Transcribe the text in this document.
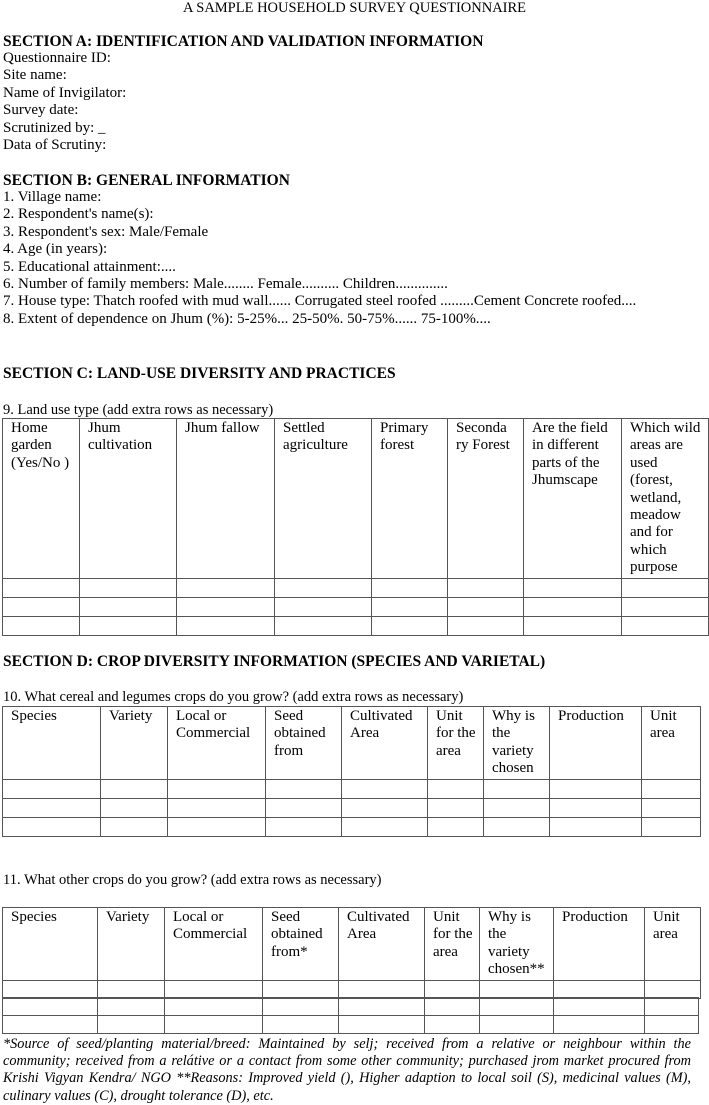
A SAMPLE HOUSEHOLD SURVEY QUESTIONNAIRE
SECTION A: IDENTIFICATION AND VALIDATION INFORMATION
Questionnaire ID:
Site name:
Name of Invigilator:
Survey date:
Scrutinized by: _
Data of Scrutiny:
SECTION B: GENERAL INFORMATION
1. Village name:
2. Respondent's name(s):
3. Respondent's sex: Male/Female
4. Age (in years):
5. Educational attainment:....
6. Number of family members: Male........ Female.......... Children..............
7. House type: Thatch roofed with mud wall...... Corrugated steel roofed .........Cement Concrete roofed....
8. Extent of dependence on Jhum (%): 5-25%... 25-50%. 50-75%...... 75-100%....
SECTION C: LAND-USE DIVERSITY AND PRACTICES
9. Land use type (add extra rows as necessary)
Home garden (Yes/No )	Jhum cultivation	Jhum fallow	Settled agriculture	Primary forest	Seconda ry Forest	Are the field in different parts of the Jhumscape	Which wild areas are used (forest, wetland, meadow and for which purpose

SECTION D: CROP DIVERSITY INFORMATION (SPECIES AND VARIETAL)
10. What cereal and legumes crops do you grow? (add extra rows as necessary)
Species	Variety	Local or Commercial	Seed obtained from	Cultivated Area	Unit for the area	Why is the variety chosen	Production	Unit area

11. What other crops do you grow? (add extra rows as necessary)
Species	Variety	Local or Commercial	Seed obtained from*	Cultivated Area	Unit for the area	Why is the variety chosen**	Production	Unit area

*Source of seed/planting material/breed: Maintained by selj; received from a relative or neighbour within the community; received from a relátive or a contact from some other community; purchased jrom market procured from Krishi Vigyan Kendra/ NGO **Reasons: Improved yield (), Higher adaption to local soil (S), medicinal values (M), culinary values (C), drought tolerance (D), etc.
